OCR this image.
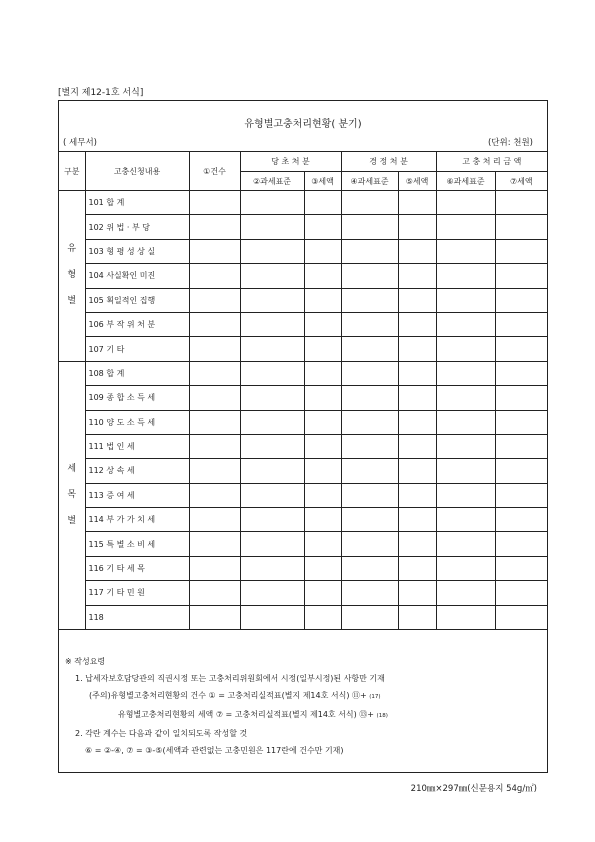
[별지 제12-1호 서식]
유형별고충처리현황( 분기)
( 세무서)	(단위: 천원)
구분	고충신청내용	①건수	당 초 처 분		경 정 처 분		고 충 처 리 금 액	
			②과세표준	③세액	④과세표준	⑤세액	⑥과세표준	⑦세액

유
형
별	101 합 계							
	102 위 법 · 부 당							
	103 형 평 성 상 실							
	104 사실확인 미진							
	105 획일적인 집행							
	106 부 작 위 처 분							
	107 기 타							

세
목
별	108 합 계							
	109 종 합 소 득 세							
	110 양 도 소 득 세							
	111 법 인 세							
	112 상 속 세							
	113 증 여 세							
	114 부 가 가 치 세							
	115 특 별 소 비 세							
	116 기 타 세 목							
	117 기 타 민 원							
	118							
※ 작성요령
1. 납세자보호담당관의 직권시정 또는 고충처리위원회에서 시정(일부시정)된 사항만 기재
(주의)유형별고충처리현황의 건수 ① = 고충처리실적표(별지 제14호 서식) ⑪+ (17)
유형별고충처리현황의 세액 ⑦ = 고충처리실적표(별지 제14호 서식) ⑬+ (18)
2. 각란 계수는 다음과 같이 일치되도록 작성할 것
⑥ = ②-④, ⑦ = ③-⑤(세액과 관련없는 고충민원은 117란에 건수만 기재)
210㎜×297㎜(신문용지 54g/㎡)
